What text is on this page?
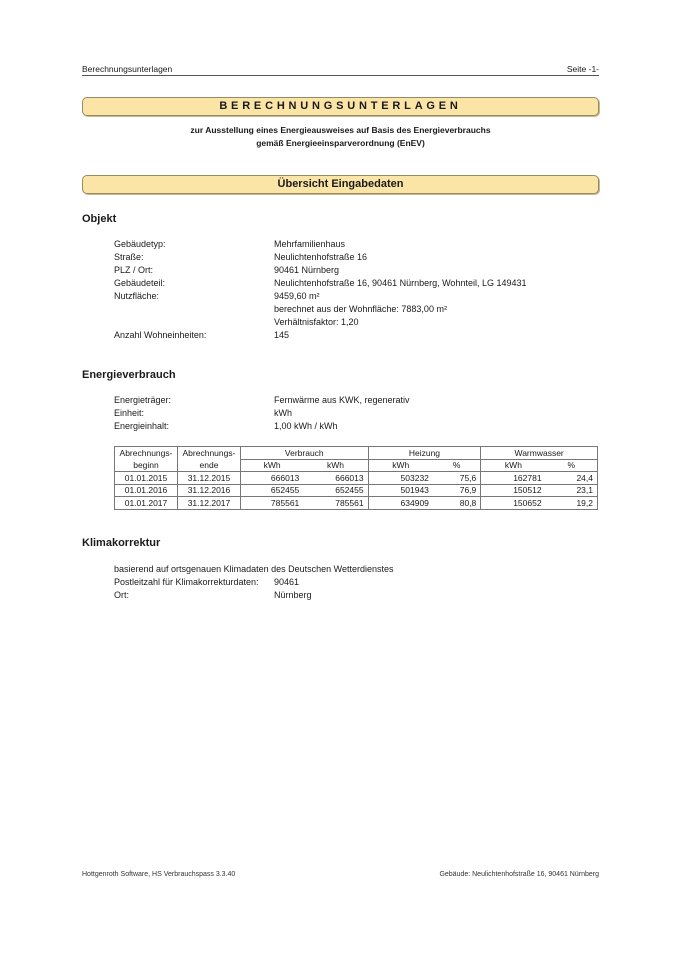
Berechnungsunterlagen	Seite -1-
BERECHNUNGSUNTERLAGEN
zur Ausstellung eines Energieausweises auf Basis des Energieverbrauchs
gemäß Energieeinsparverordnung (EnEV)
Übersicht Eingabedaten
Objekt
Gebäudetyp:	Mehrfamilienhaus
Straße:	Neulichtenhofstraße 16
PLZ / Ort:	90461 Nürnberg
Gebäudeteil:	Neulichtenhofstraße 16, 90461 Nürnberg, Wohnteil, LG 149431
Nutzfläche:	9459,60 m²
berechnet aus der Wohnfläche: 7883,00 m²
Verhältnisfaktor: 1,20
Anzahl Wohneinheiten:	145
Energieverbrauch
Energieträger:	Fernwärme aus KWK, regenerativ
Einheit:	kWh
Energieinhalt:	1,00 kWh / kWh
Abrechnungs-	Abrechnungs-	Verbrauch		Heizung		Warmwasser	
beginn	ende	kWh	kWh	kWh	%	kWh	%
01.01.2015	31.12.2015	666013	666013	503232	75,6	162781	24,4
01.01.2016	31.12.2016	652455	652455	501943	76,9	150512	23,1
01.01.2017	31.12.2017	785561	785561	634909	80,8	150652	19,2
Klimakorrektur
basierend auf ortsgenauen Klimadaten des Deutschen Wetterdienstes
Postleitzahl für Klimakorrekturdaten:	90461
Ort:	Nürnberg
Hottgenroth Software, HS Verbrauchspass 3.3.40	Gebäude: Neulichtenhofstraße 16, 90461 Nürnberg
